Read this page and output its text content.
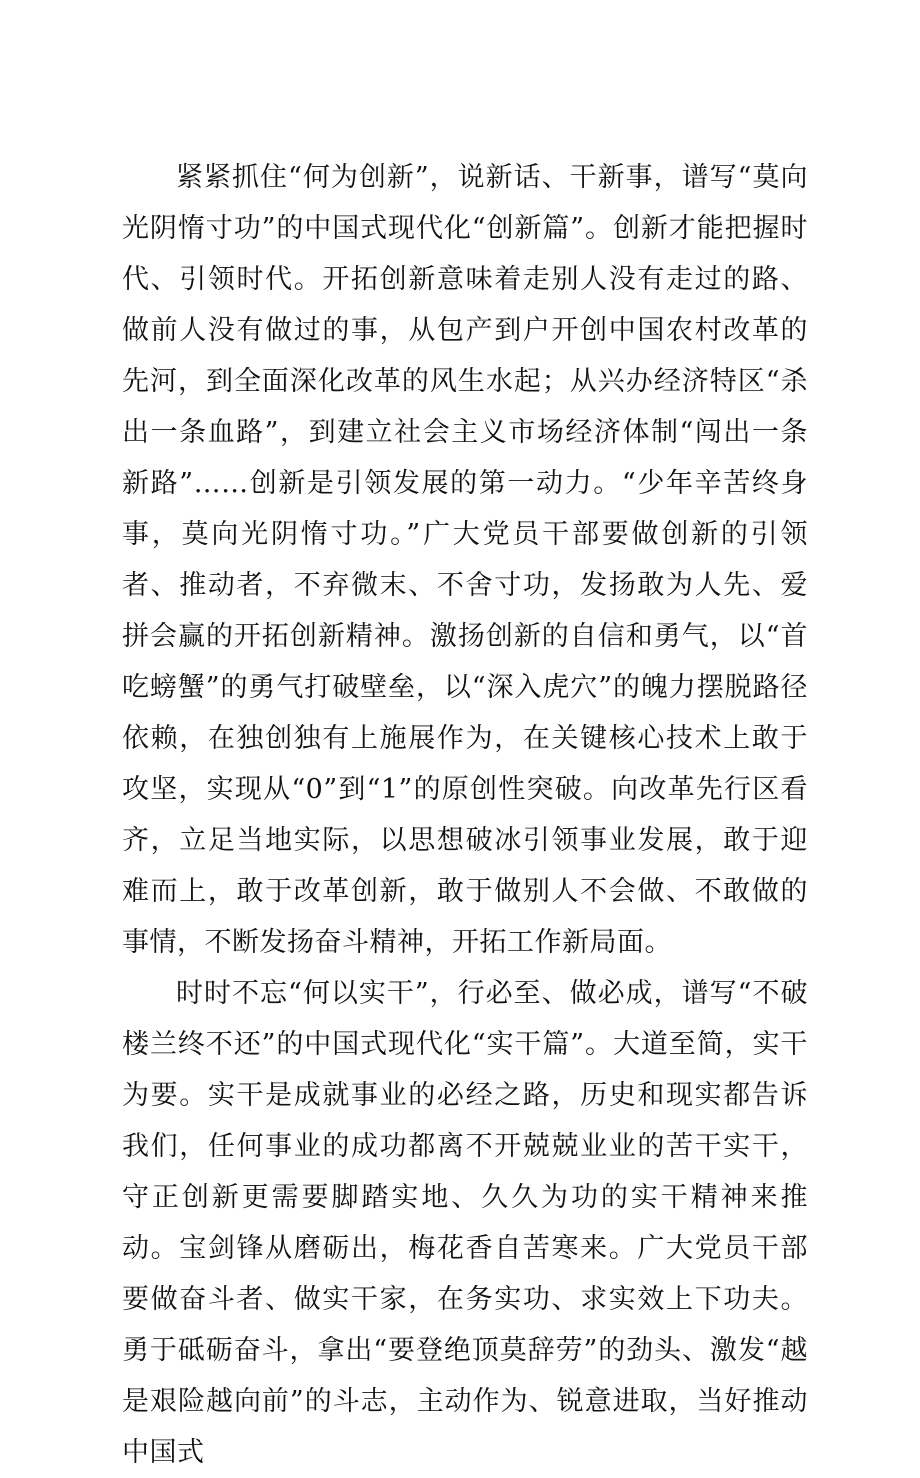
紧紧抓住“何为创新”，说新话、干新事，谱写“莫向光阴惰寸功”的中国式现代化“创新篇”。创新才能把握时代、引领时代。开拓创新意味着走别人没有走过的路、做前人没有做过的事，从包产到户开创中国农村改革的先河，到全面深化改革的风生水起；从兴办经济特区“杀出一条血路”，到建立社会主义市场经济体制“闯出一条新路”……创新是引领发展的第一动力。“少年辛苦终身事，莫向光阴惰寸功。”广大党员干部要做创新的引领者、推动者，不弃微末、不舍寸功，发扬敢为人先、爱拼会赢的开拓创新精神。激扬创新的自信和勇气，以“首吃螃蟹”的勇气打破壁垒，以“深入虎穴”的魄力摆脱路径依赖，在独创独有上施展作为，在关键核心技术上敢于攻坚，实现从“0”到“1”的原创性突破。向改革先行区看齐，立足当地实际，以思想破冰引领事业发展，敢于迎难而上，敢于改革创新，敢于做别人不会做、不敢做的事情，不断发扬奋斗精神，开拓工作新局面。

时时不忘“何以实干”，行必至、做必成，谱写“不破楼兰终不还”的中国式现代化“实干篇”。大道至简，实干为要。实干是成就事业的必经之路，历史和现实都告诉我们，任何事业的成功都离不开兢兢业业的苦干实干，守正创新更需要脚踏实地、久久为功的实干精神来推动。宝剑锋从磨砺出，梅花香自苦寒来。广大党员干部要做奋斗者、做实干家，在务实功、求实效上下功夫。勇于砥砺奋斗，拿出“要登绝顶莫辞劳”的劲头、激发“越是艰险越向前”的斗志，主动作为、锐意进取，当好推动中国式
